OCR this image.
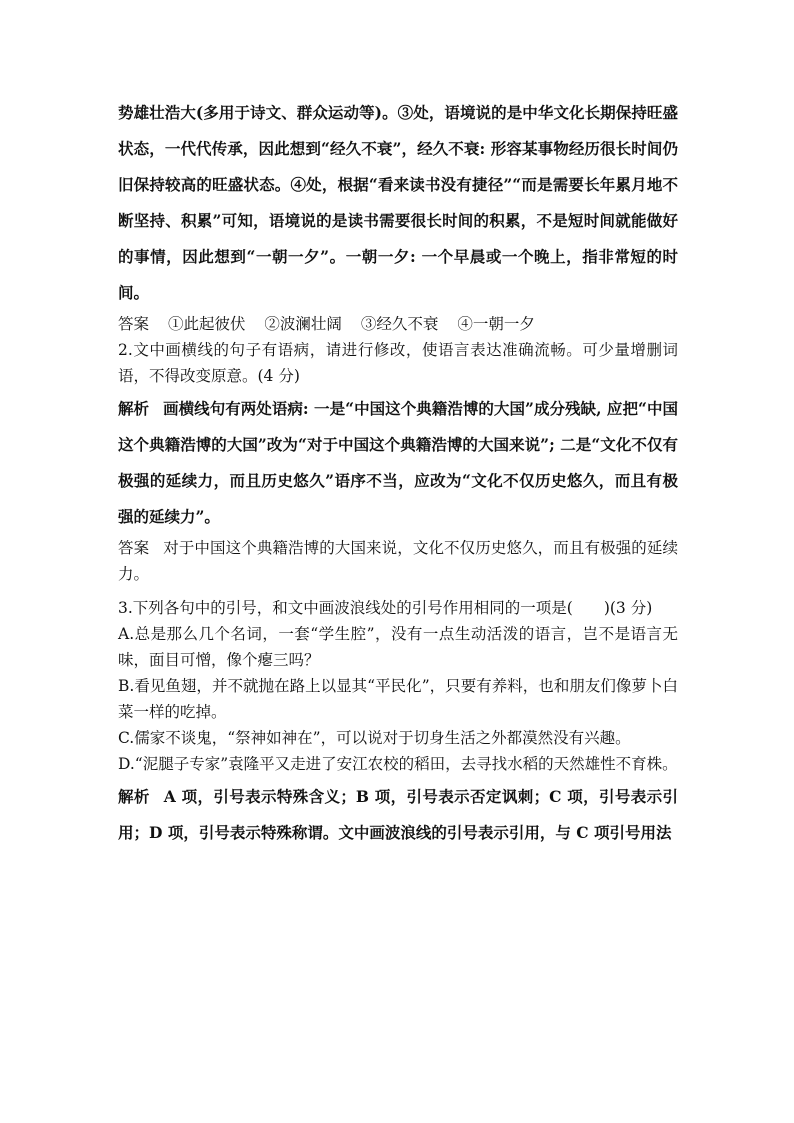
势雄壮浩大(多用于诗文、群众运动等)。③处，语境说的是中华文化长期保持旺盛状态，一代代传承，因此想到“经久不衰”，经久不衰: 形容某事物经历很长时间仍旧保持较高的旺盛状态。④处，根据“看来读书没有捷径”“而是需要长年累月地不断坚持、积累”可知，语境说的是读书需要很长时间的积累，不是短时间就能做好的事情，因此想到“一朝一夕”。一朝一夕: 一个早晨或一个晚上，指非常短的时间。

答案 ①此起彼伏 ②波澜壮阔 ③经久不衰 ④一朝一夕

2.文中画横线的句子有语病，请进行修改，使语言表达准确流畅。可少量增删词语，不得改变原意。(4 分)

解析 画横线句有两处语病: 一是“中国这个典籍浩博的大国”成分残缺, 应把“中国这个典籍浩博的大国”改为“对于中国这个典籍浩博的大国来说”; 二是“文化不仅有极强的延续力，而且历史悠久”语序不当，应改为“文化不仅历史悠久，而且有极强的延续力”。

答案 对于中国这个典籍浩博的大国来说，文化不仅历史悠久，而且有极强的延续力。

3.下列各句中的引号，和文中画波浪线处的引号作用相同的一项是(　　)(3 分)

A.总是那么几个名词，一套“学生腔”，没有一点生动活泼的语言，岂不是语言无味，面目可憎，像个瘪三吗？

B.看见鱼翅，并不就抛在路上以显其“平民化”，只要有养料，也和朋友们像萝卜白菜一样的吃掉。

C.儒家不谈鬼，“祭神如神在”，可以说对于切身生活之外都漠然没有兴趣。

D.“泥腿子专家”袁隆平又走进了安江农校的稻田，去寻找水稻的天然雄性不育株。

解析 A 项，引号表示特殊含义；B 项，引号表示否定讽刺；C 项，引号表示引用；D 项，引号表示特殊称谓。文中画波浪线的引号表示引用，与 C 项引号用法
